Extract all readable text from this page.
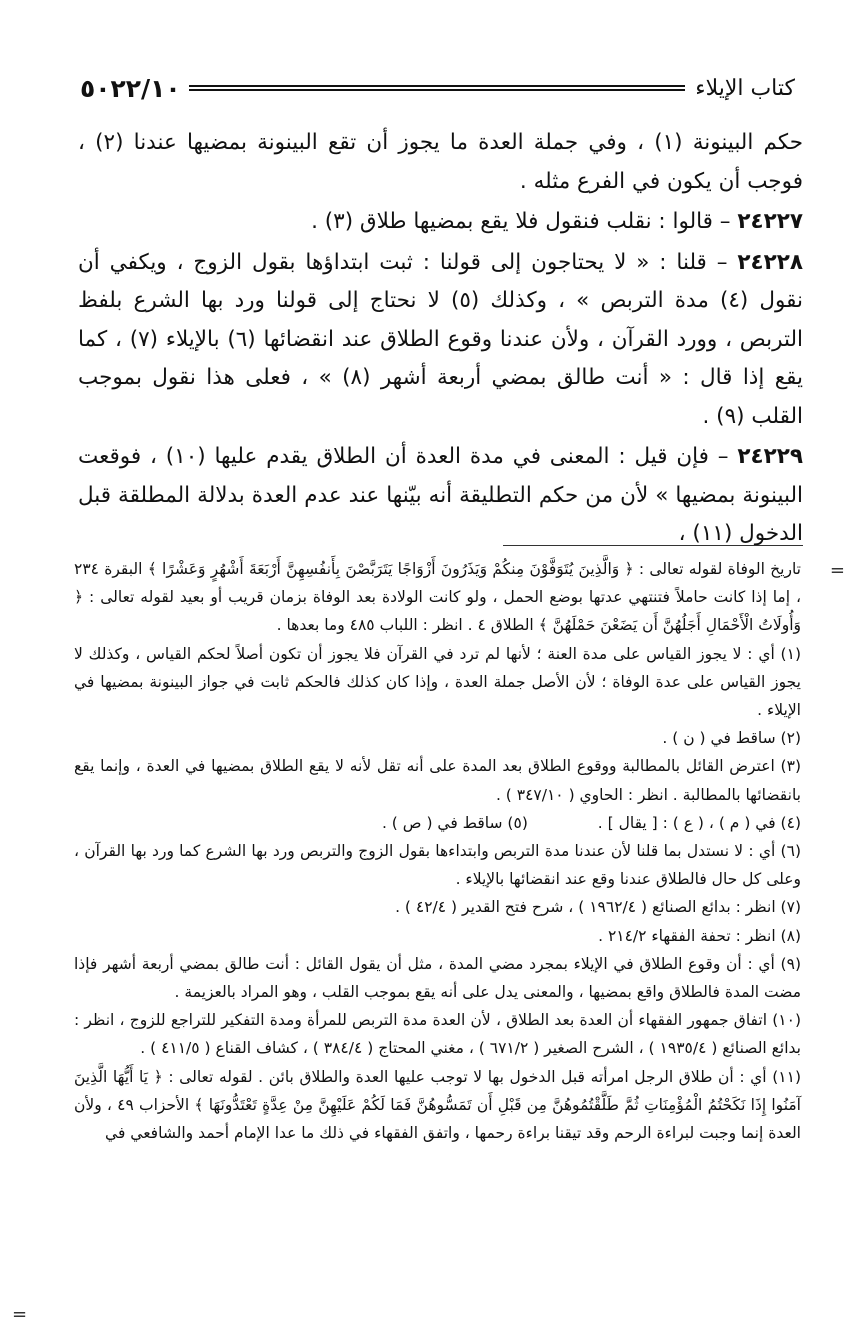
كتاب الإيلاء
٥٠٢٢/١٠

حكم البينونة (١) ، وفي جملة العدة ما يجوز أن تقع البينونة بمضيها عندنا (٢) ، فوجب أن يكون في الفرع مثله .

٢٤٢٢٧ – قالوا : نقلب فنقول فلا يقع بمضيها طلاق (٣) .

٢٤٢٢٨ – قلنا : « لا يحتاجون إلى قولنا : ثبت ابتداؤها بقول الزوج ، ويكفي أن نقول (٤) مدة التربص » ، وكذلك (٥) لا نحتاج إلى قولنا ورد بها الشرع بلفظ التربص ، وورد القرآن ، ولأن عندنا وقوع الطلاق عند انقضائها (٦) بالإيلاء (٧) ، كما يقع إذا قال : « أنت طالق بمضي أربعة أشهر (٨) » ، فعلى هذا نقول بموجب القلب (٩) .

٢٤٢٢٩ – فإن قيل : المعنى في مدة العدة أن الطلاق يقدم عليها (١٠) ، فوقعت البينونة بمضيها » لأن من حكم التطليقة أنه بيّنها عند عدم العدة بدلالة المطلقة قبل الدخول (١١) ،

=
=

تاريخ الوفاة لقوله تعالى : ﴿ وَالَّذِينَ يُتَوَفَّوْنَ مِنكُمْ وَيَذَرُونَ أَزْوَاجًا يَتَرَبَّصْنَ بِأَنفُسِهِنَّ أَرْبَعَةَ أَشْهُرٍ وَعَشْرًا ﴾ البقرة ٢٣٤ ، إما إذا كانت حاملاً فتنتهي عدتها بوضع الحمل ، ولو كانت الولادة بعد الوفاة بزمان قريب أو بعيد لقوله تعالى : ﴿ وَأُولَاتُ الْأَحْمَالِ أَجَلُهُنَّ أَن يَضَعْنَ حَمْلَهُنَّ ﴾ الطلاق ٤ . انظر : اللباب ٤٨٥ وما بعدها .

(١) أي : لا يجوز القياس على مدة العنة ؛ لأنها لم ترد في القرآن فلا يجوز أن تكون أصلاً لحكم القياس ، وكذلك لا يجوز القياس على عدة الوفاة ؛ لأن الأصل جملة العدة ، وإذا كان كذلك فالحكم ثابت في جواز البينونة بمضيها في الإيلاء .

(٢) ساقط في ( ن ) .

(٣) اعترض القائل بالمطالبة ووقوع الطلاق بعد المدة على أنه تقل لأنه لا يقع الطلاق بمضيها في العدة ، وإنما يقع بانقضائها بالمطالبة . انظر : الحاوي ( ٣٤٧/١٠ ) .

(٤) في ( م ) ، ( ع ) : [ يقال ] .  (٥) ساقط في ( ص ) .

(٦) أي : لا نستدل بما قلنا لأن عندنا مدة التربص وابتداءها بقول الزوج والتربص ورد بها الشرع كما ورد بها القرآن ، وعلى كل حال فالطلاق عندنا وقع عند انقضائها بالإيلاء .

(٧) انظر : بدائع الصنائع ( ١٩٦٢/٤ ) ، شرح فتح القدير ( ٤٢/٤ ) .

(٨) انظر : تحفة الفقهاء ٢١٤/٢ .

(٩) أي : أن وقوع الطلاق في الإيلاء بمجرد مضي المدة ، مثل أن يقول القائل : أنت طالق بمضي أربعة أشهر فإذا مضت المدة فالطلاق واقع بمضيها ، والمعنى يدل على أنه يقع بموجب القلب ، وهو المراد بالعزيمة .

(١٠) اتفاق جمهور الفقهاء أن العدة بعد الطلاق ، لأن العدة مدة التربص للمرأة ومدة التفكير للتراجع للزوج ، انظر : بدائع الصنائع ( ١٩٣٥/٤ ) ، الشرح الصغير ( ٦٧١/٢ ) ، مغني المحتاج ( ٣٨٤/٤ ) ، كشاف القناع ( ٤١١/٥ ) .

(١١) أي : أن طلاق الرجل امرأته قبل الدخول بها لا توجب عليها العدة والطلاق بائن . لقوله تعالى : ﴿ يَا أَيُّهَا الَّذِينَ آمَنُوا إِذَا نَكَحْتُمُ الْمُؤْمِنَاتِ ثُمَّ طَلَّقْتُمُوهُنَّ مِن قَبْلِ أَن تَمَسُّوهُنَّ فَمَا لَكُمْ عَلَيْهِنَّ مِنْ عِدَّةٍ تَعْتَدُّونَهَا ﴾ الأحزاب ٤٩ ، ولأن العدة إنما وجبت لبراءة الرحم وقد تيقنا براءة رحمها ، واتفق الفقهاء في ذلك ما عدا الإمام أحمد والشافعي في
